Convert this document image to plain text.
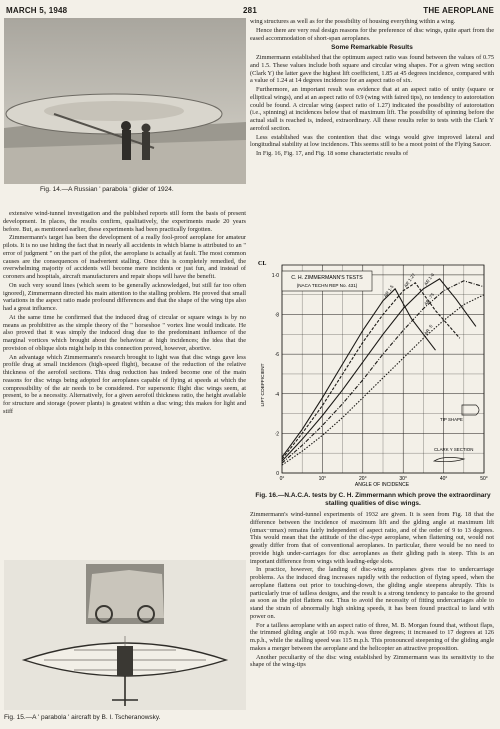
MARCH 5, 1948	281	THE AEROPLANE
Fig. 14.—A Russian ' parabola ' glider of 1924.

extensive wind-tunnel investigation and the published reports still form the basis of present development. In places, the results confirm, qualitatively, the experiments made 20 years before. But, as mentioned earlier, these experiments had been practically forgotten.

Zimmermann's target has been the development of a really fool-proof aeroplane for amateur pilots. It is no use hiding the fact that in nearly all accidents in which blame is attributed to an " error of judgment " on the part of the pilot, the aeroplane is actually at fault. The most common causes are the consequences of inadvertent stalling. Once this is completely remedied, the overwhelming majority of accidents will become mere incidents or just fun, and instead of coroners and hospitals, aircraft manufacturers and repair shops will have the benefit.

On such very sound lines (which seem to be generally acknowledged, but still far too often ignored), Zimmermann directed his main attention to the stalling problem. He proved that small variations in the aspect ratio made profound differences and that the shape of the wing tips also had a great influence.

At the same time he confirmed that the induced drag of circular or square wings is by no means as prohibitive as the simple theory of the " horseshoe " vortex line would indicate. He also proved that it was simply the induced drag due to the predominant influence of the marginal vortices which brought about the behaviour at high incidences; the idea that the provision of oblique slots might help in this connection proved, however, abortive.

An advantage which Zimmermann's research brought to light was that disc wings gave less profile drag at small incidences (high-speed flight), because of the reduction of the relative thickness of the aerofoil sections. This drag reduction has indeed become one of the main reasons for disc wings being adopted for aeroplanes capable of flying at speeds at which the compressibility of the air needs to be considered. For supersonic flight disc wings seem, at present, to be a necessity. Alternatively, for a given aerofoil thickness ratio, the height available for structure and storage (power plants) is greatest within a disc wing; this makes for light and stiff

Fig. 15.—A ' parabola ' aircraft by B. I. Tscheranowsky.

wing structures as well as for the possibility of housing everything within a wing.

Hence there are very real design reasons for the preference of disc wings, quite apart from the eased accommodation of short-span aeroplanes.

Some Remarkable Results

Zimmermann established that the optimum aspect ratio was found between the values of 0.75 and 1.5. These values include both square and circular wing shapes. For a given wing section (Clark Y) the latter gave the highest lift coefficient, 1.85 at 45 degrees incidence, compared with a value of 1.24 at 14 degrees incidence for an aspect ratio of six.

Furthermore, an important result was evidence that at an aspect ratio of unity (square or elliptical wings), and at an aspect ratio of 0.9 (wing with faired tips), no tendency to autorotation could be found. A circular wing (aspect ratio of 1.27) indicated the possibility of autorotation (i.e., spinning) at incidences below that of maximum lift. The possibility of spinning before the actual stall is reached is, indeed, extraordinary. All these results refer to tests with the Clark Y aerofoil section.

Less established was the contention that disc wings would give improved lateral and longitudinal stability at low incidences. This seems still to be a moot point of the Flying Saucer.

In Fig. 16, Fig. 17, and Fig. 18 some characteristic results of

AR 1·5
AR 1·27 AR 1·0
AR ·75
AR ·5
1·0
·8
·6
·4
·2
0
0°	10°	20°	30°	40°	50°
C. H. ZIMMERMANN'S TESTS
(NACA TECHN REP No. 431)
CL
LIFT COEFFICIENT
ANGLE OF INCIDENCE
TIP SHAPE
CLARK Y SECTION
Fig. 16.—N.A.C.A. tests by C. H. Zimmermann which prove the extraordinary stalling qualities of disc wings.

Zimmermann's wind-tunnel experiments of 1932 are given. It is seen from Fig. 18 that the difference between the incidence of maximum lift and the glding angle at maximum lift (αmax−αmax) remains fairly independent of aspect ratio, and of the order of 9 to 13 degrees. This would mean that the attitude of the disc-type aeroplane, when flattening out, would not greatly differ from that of conventional aeroplanes. In particular, there would be no need to provide high under-carriages for disc aeroplanes as their gliding path is steep. This is an important difference from wings with leading-edge slots.

In practice, however, the landing of disc-wing aeroplanes gives rise to undercarriage problems. As the induced drag increases rapidly with the reduction of flying speed, when the aeroplane flattens out prior to touching-down, the gliding angle steepens abruptly. This is particularly true of tailless designs, and the result is a strong tendency to pancake to the ground as soon as the pilot flattens out. Thus to avoid the necessity of fitting undercarriages able to stand the strain of abnormally high sinking speeds, it has been found practical to land with power on.

For a tailless aeroplane with an aspect ratio of three, M. B. Morgan found that, without flaps, the trimmed gliding angle at 160 m.p.h. was three degrees; it increased to 17 degrees at 126 m.p.h., while the stalling speed was 115 m.p.h. This pronounced steepening of the gliding angle makes a merger between the aeroplane and the helicopter an attractive proposition.

Another peculiarity of the disc wing established by Zimmermann was its sensitivity to the shape of the wing-tips
